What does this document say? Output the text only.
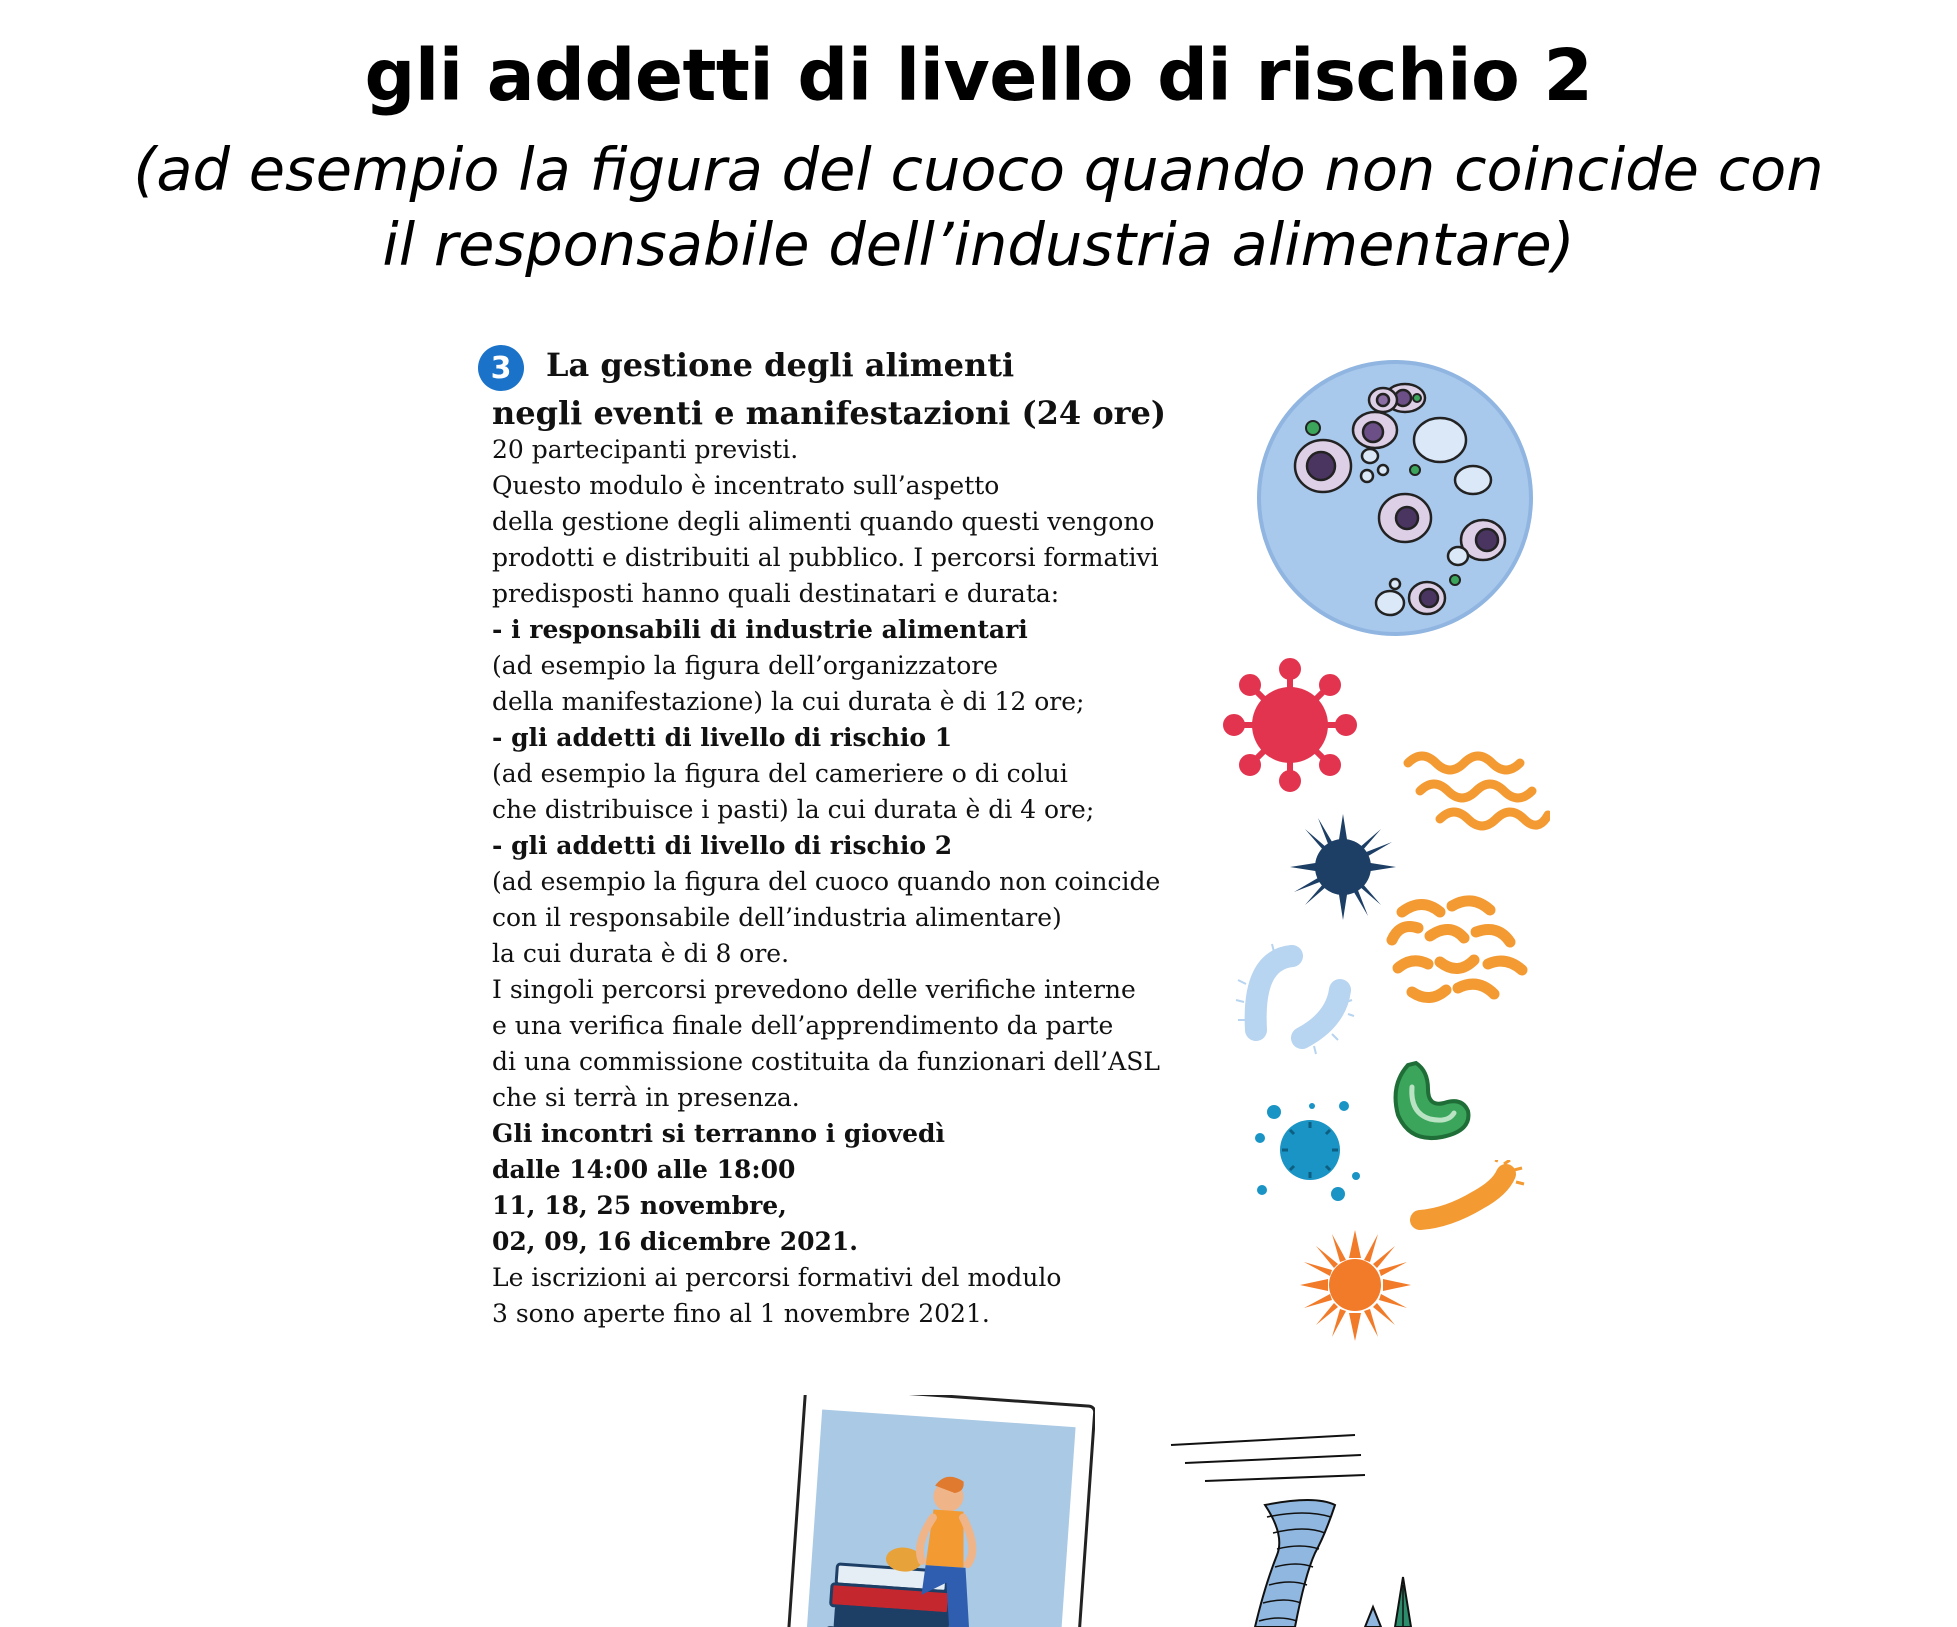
gli addetti di livello di rischio 2
(ad esempio la figura del cuoco quando non coincide con
il responsabile dell’industria alimentare)
3	La gestione degli alimenti
negli eventi e manifestazioni (24 ore)
20 partecipanti previsti.
Questo modulo è incentrato sull’aspetto
della gestione degli alimenti quando questi vengono
prodotti e distribuiti al pubblico. I percorsi formativi
predisposti hanno quali destinatari e durata:
- i responsabili di industrie alimentari
(ad esempio la figura dell’organizzatore
della manifestazione) la cui durata è di 12 ore;
- gli addetti di livello di rischio 1
(ad esempio la figura del cameriere o di colui
che distribuisce i pasti) la cui durata è di 4 ore;
- gli addetti di livello di rischio 2
(ad esempio la figura del cuoco quando non coincide
con il responsabile dell’industria alimentare)
la cui durata è di 8 ore.
I singoli percorsi prevedono delle verifiche interne
e una verifica finale dell’apprendimento da parte
di una commissione costituita da funzionari dell’ASL
che si terrà in presenza.
Gli incontri si terranno i giovedì
dalle 14:00 alle 18:00
11, 18, 25 novembre,
02, 09, 16 dicembre 2021.
Le iscrizioni ai percorsi formativi del modulo
3 sono aperte fino al 1 novembre 2021.
